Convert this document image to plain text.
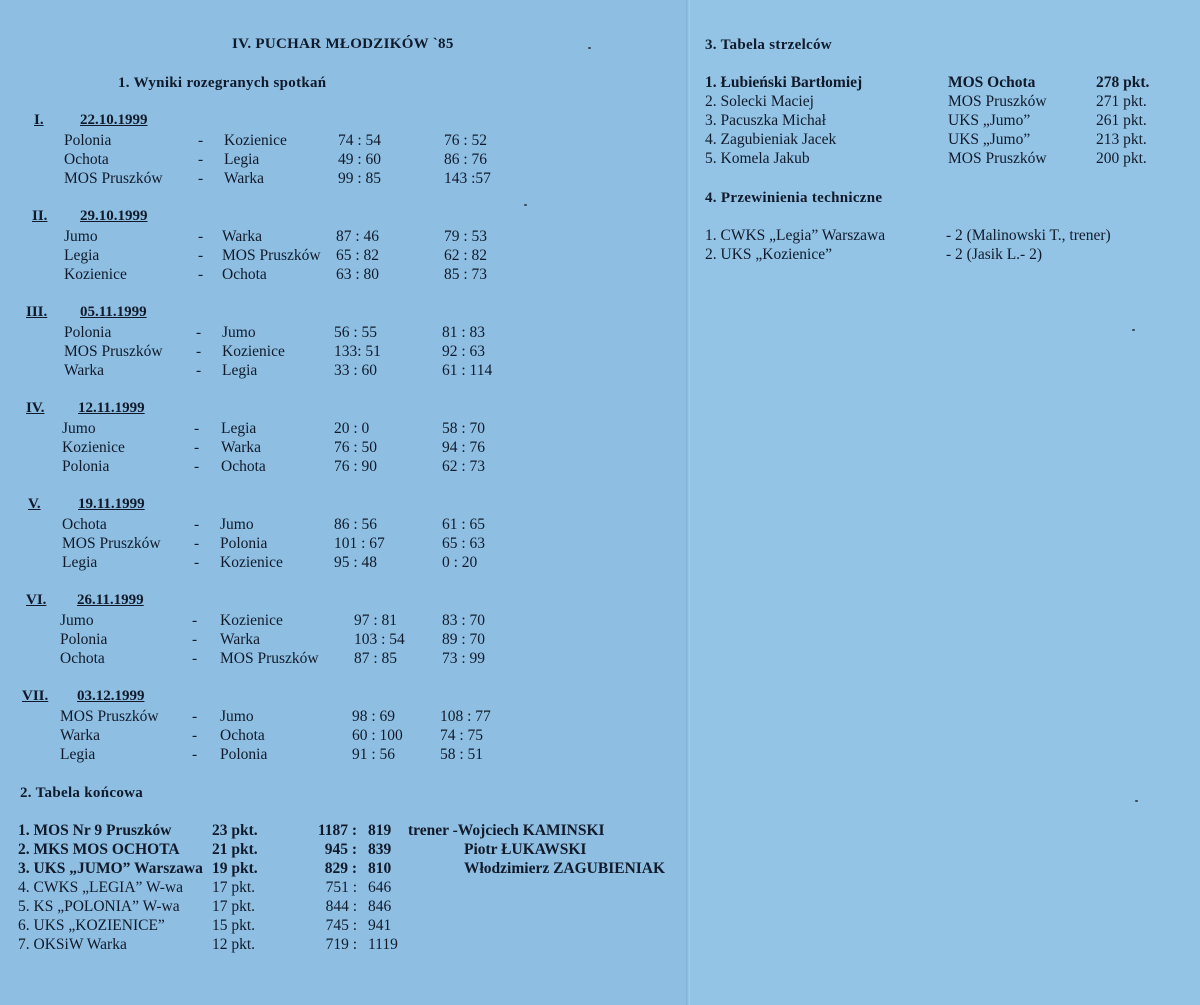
IV. PUCHAR MŁODZIKÓW `85
1. Wyniki rozegranych spotkań
I. 22.10.1999
Polonia	- Kozienice	74 : 54	76 : 52
Ochota	- Legia	49 : 60	86 : 76
MOS Pruszków - Warka	99 : 85	143 :57
II. 29.10.1999
Jumo	- Warka	87 : 46	79 : 53
Legia	- MOS Pruszków 65 : 82	62 : 82
Kozienice	- Ochota	63 : 80	85 : 73
III. 05.11.1999
Polonia	- Jumo	56 : 55	81 : 83
MOS Pruszków - Kozienice	133: 51	92 : 63
Warka	- Legia	33 : 60	61 : 114
IV. 12.11.1999
Jumo	- Legia	20 : 0	58 : 70
Kozienice	- Warka	76 : 50	94 : 76
Polonia	- Ochota	76 : 90	62 : 73
V. 19.11.1999
Ochota	- Jumo	86 : 56	61 : 65
MOS Pruszków - Polonia	101 : 67	65 : 63
Legia	- Kozienice	95 : 48	0 : 20
VI. 26.11.1999
Jumo	- Kozienice	97 : 81	83 : 70
Polonia	- Warka	103 : 54 89 : 70
Ochota	- MOS Pruszków 87 : 85	73 : 99
VII. 03.12.1999
MOS Pruszków - Jumo	98 : 69	108 : 77
Warka	- Ochota	60 : 100 74 : 75
Legia	- Polonia	91 : 56	58 : 51
2. Tabela końcowa
1. MOS Nr 9 Pruszków	23 pkt.	1187 : 819 trener -Wojciech KAMINSKI
2. MKS MOS OCHOTA 21 pkt.	945 : 839	Piotr ŁUKAWSKI
3. UKS „JUMO” Warszawa 19 pkt.	829 : 810	Włodzimierz ZAGUBIENIAK
4. CWKS „LEGIA” W-wa 17 pkt.	751 : 646
5. KS „POLONIA” W-wa 17 pkt.	844 : 846
6. UKS „KOZIENICE”	15 pkt.	745 : 941
7. OKSiW Warka	12 pkt.	719 : 1119
3. Tabela strzelców
1. Łubieński Bartłomiej	MOS Ochota	278 pkt.
2. Solecki Maciej	MOS Pruszków	271 pkt.
3. Pacuszka Michał	UKS „Jumo”	261 pkt.
4. Zagubieniak Jacek	UKS „Jumo”	213 pkt.
5. Komela Jakub	MOS Pruszków	200 pkt.
4. Przewinienia techniczne
1. CWKS „Legia” Warszawa	- 2 (Malinowski T., trener)
2. UKS „Kozienice”	- 2 (Jasik L.- 2)
